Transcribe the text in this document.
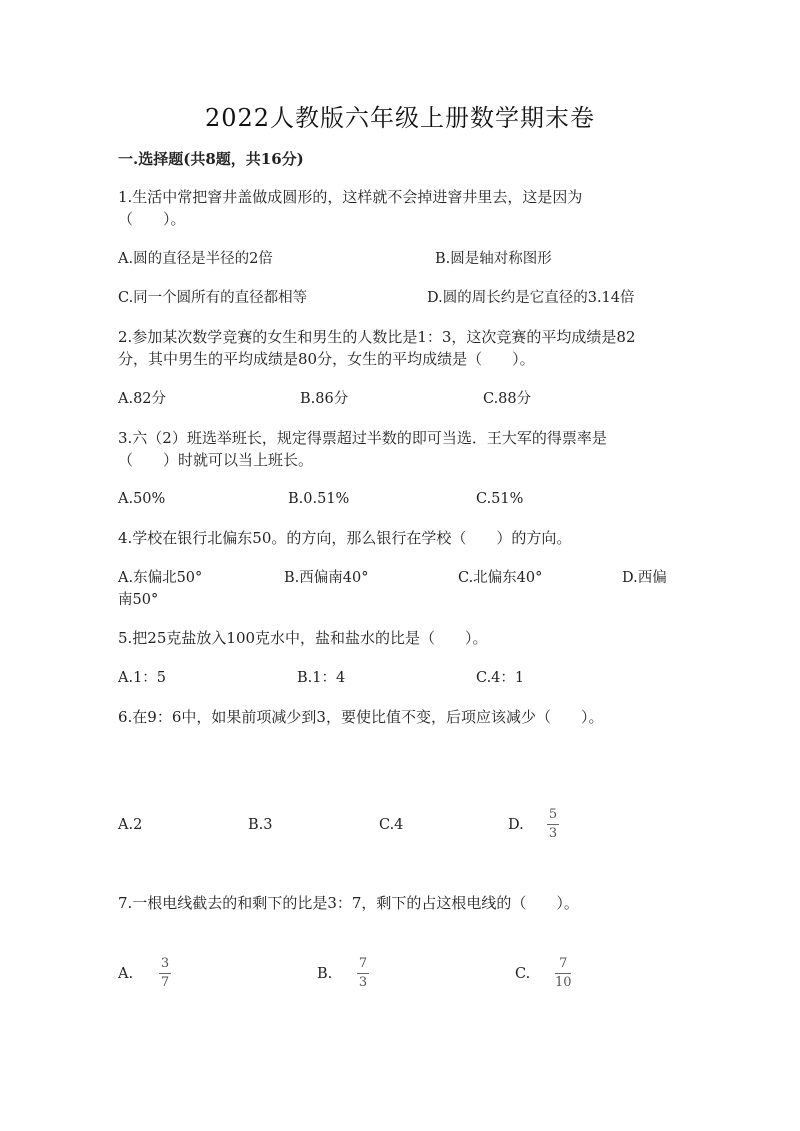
2022人教版六年级上册数学期末卷
一.选择题(共8题，共16分)
1.生活中常把窨井盖做成圆形的，这样就不会掉进窨井里去，这是因为
（　　）。
A.圆的直径是半径的2倍	B.圆是轴对称图形
C.同一个圆所有的直径都相等	D.圆的周长约是它直径的3.14倍
2.参加某次数学竞赛的女生和男生的人数比是1：3，这次竞赛的平均成绩是82
分，其中男生的平均成绩是80分，女生的平均成绩是（　　）。
A.82分	B.86分	C.88分
3.六（2）班选举班长，规定得票超过半数的即可当选．王大军的得票率是
（　　）时就可以当上班长。
A.50%	B.0.51%	C.51%
4.学校在银行北偏东50。的方向，那么银行在学校（　　）的方向。
A.东偏北50°	B.西偏南40°	C.北偏东40°	D.西偏
南50°
5.把25克盐放入100克水中，盐和盐水的比是（　　）。
A.1：5	B.1：4	C.4：1
6.在9：6中，如果前项减少到3，要使比值不变，后项应该减少（　　）。
A.2	B.3	C.4	D.
5
3
7.一根电线截去的和剩下的比是3：7，剩下的占这根电线的（　　）。
A.
3
7
B.
7
3
C.
7
10
